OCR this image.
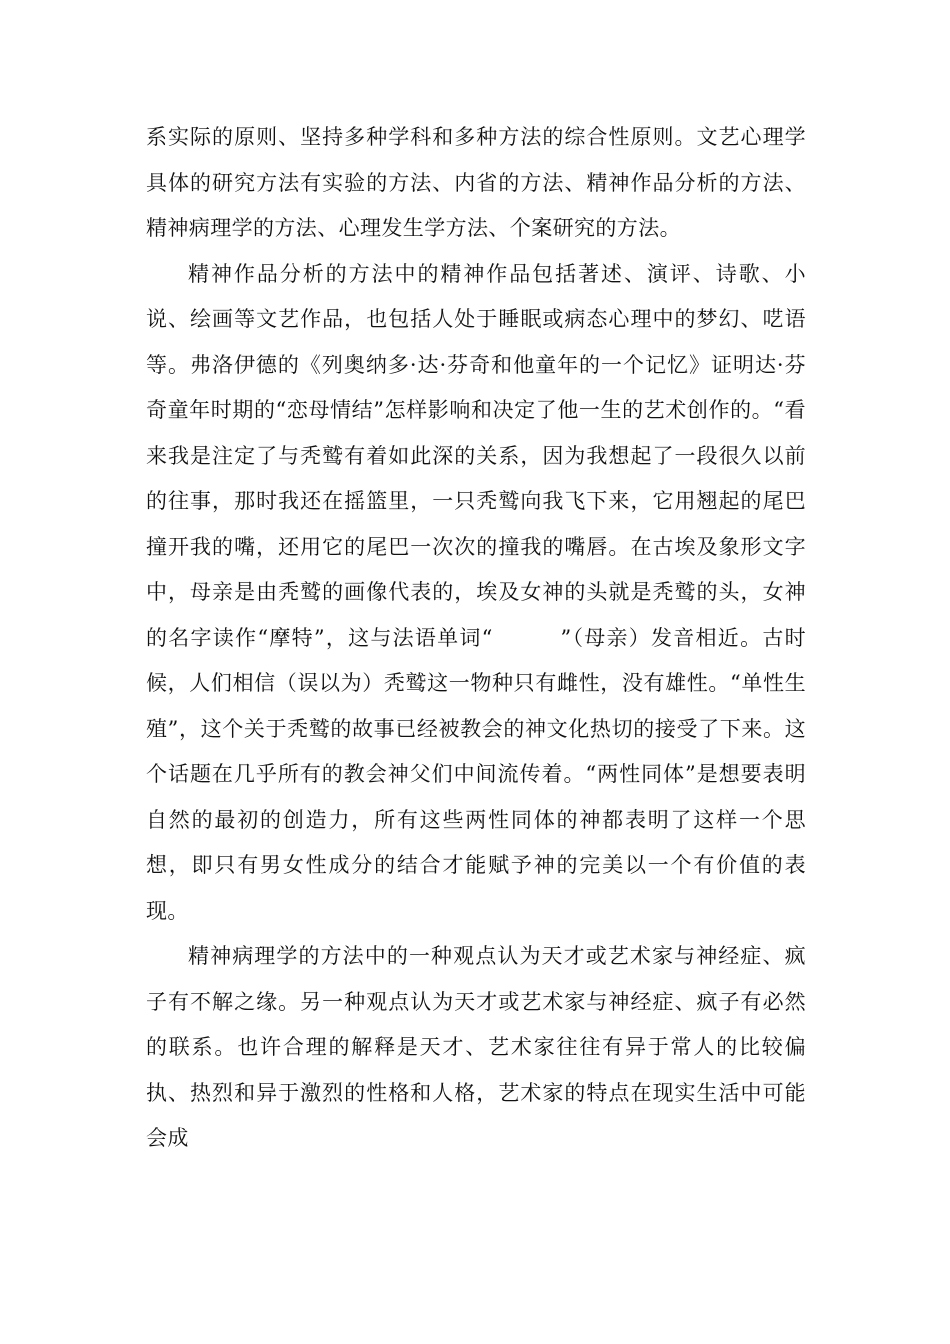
系实际的原则、坚持多种学科和多种方法的综合性原则。文艺心理学具体的研究方法有实验的方法、内省的方法、精神作品分析的方法、精神病理学的方法、心理发生学方法、个案研究的方法。

精神作品分析的方法中的精神作品包括著述、演评、诗歌、小说、绘画等文艺作品，也包括人处于睡眠或病态心理中的梦幻、呓语等。弗洛伊德的《列奥纳多·达·芬奇和他童年的一个记忆》证明达·芬奇童年时期的“恋母情结”怎样影响和决定了他一生的艺术创作的。“看来我是注定了与秃鹫有着如此深的关系，因为我想起了一段很久以前的往事，那时我还在摇篮里，一只秃鹫向我飞下来，它用翘起的尾巴撞开我的嘴，还用它的尾巴一次次的撞我的嘴唇。在古埃及象形文字中，母亲是由秃鹫的画像代表的，埃及女神的头就是秃鹫的头，女神的名字读作“摩特”，这与法语单词“　　　”（母亲）发音相近。古时候，人们相信（误以为）秃鹫这一物种只有雌性，没有雄性。“单性生殖”，这个关于秃鹫的故事已经被教会的神文化热切的接受了下来。这个话题在几乎所有的教会神父们中间流传着。“两性同体”是想要表明自然的最初的创造力，所有这些两性同体的神都表明了这样一个思想，即只有男女性成分的结合才能赋予神的完美以一个有价值的表现。

精神病理学的方法中的一种观点认为天才或艺术家与神经症、疯子有不解之缘。另一种观点认为天才或艺术家与神经症、疯子有必然的联系。也许合理的解释是天才、艺术家往往有异于常人的比较偏执、热烈和异于激烈的性格和人格，艺术家的特点在现实生活中可能会成
